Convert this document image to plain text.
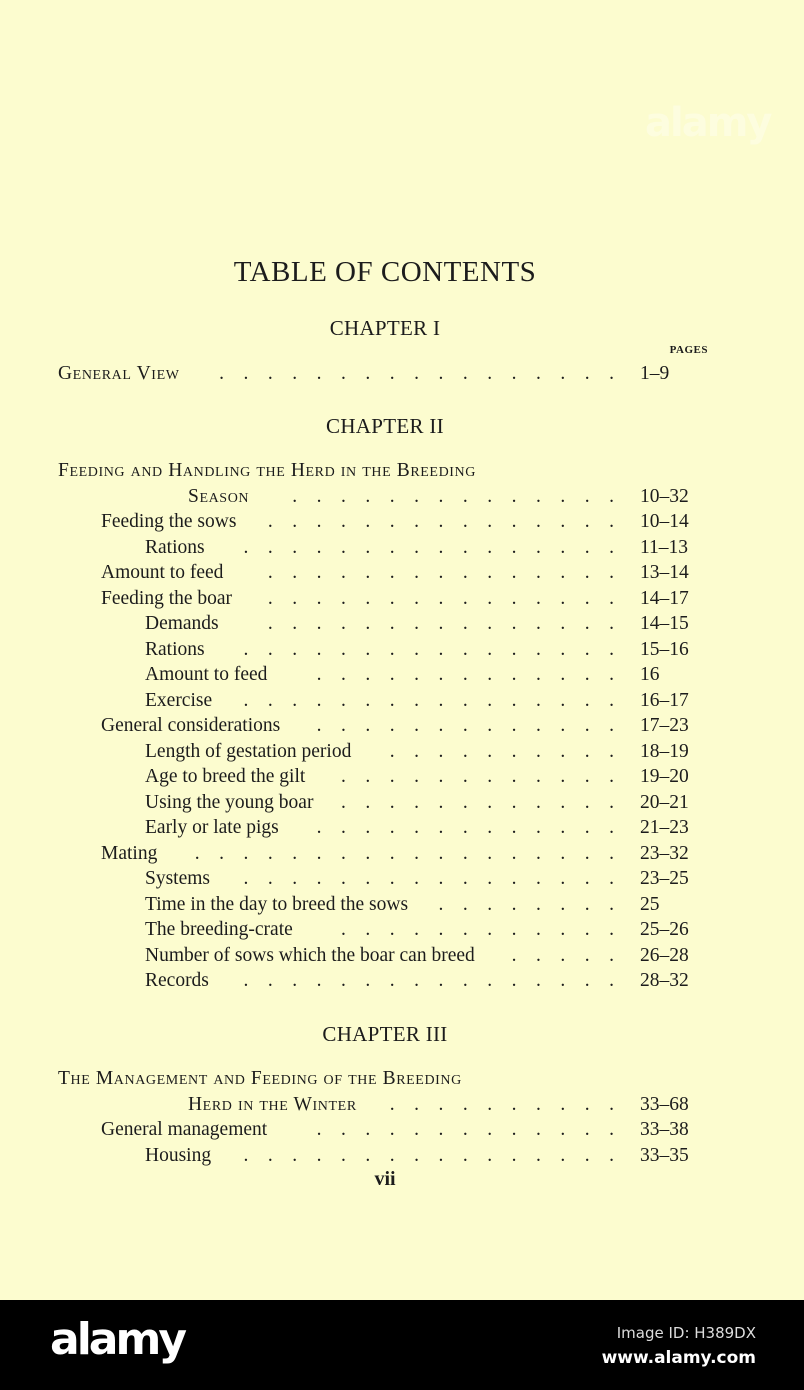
TABLE OF CONTENTS
PAGES
CHAPTER I
General View	.    .    .    .    .    .    .    .    .    .    .    .    .    .    .    .    . 1–9
CHAPTER II
Feeding and Handling the Herd in the Breeding
Season	.    .    .    .    .    .    .    .    .    .    .    .    .    . 10–32
Feeding the sows .    .    .    .    .    .    .    .    .    .    .    .    .    .    . 10–14
Rations .    .    .    .    .    .    .    .    .    .    .    .    .    .    .    . 11–13
Amount to feed	.    .    .    .    .    .    .    .    .    .    .    .    .    .    . 13–14
Feeding the boar .    .    .    .    .    .    .    .    .    .    .    .    .    .    . 14–17
Demands	.    .    .    .    .    .    .    .    .    .    .    .    .    .    . 14–15
Rations .    .    .    .    .    .    .    .    .    .    .    .    .    .    .    . 15–16
Amount to feed	.    .    .    .    .    .    .    .    .    .    .    .    . 16
Exercise .    .    .    .    .    .    .    .    .    .    .    .    .    .    .    . 16–17
General considerations .    .    .    .    .    .    .    .    .    .    .    .    . 17–23
Length of gestation period .    .    .    .    .    .    .    .    .    . 18–19
Age to breed the gilt .    .    .    .    .    .    .    .    .    .    .    . 19–20
Using the young boar .    .    .    .    .    .    .    .    .    .    .    . 20–21
Early or late pigs .    .    .    .    .    .    .    .    .    .    .    .    . 21–23
Mating .    .    .    .    .    .    .    .    .    .    .    .    .    .    .    .    .    . 23–32
Systems .    .    .    .    .    .    .    .    .    .    .    .    .    .    .    . 23–25
Time in the day to breed the sows .    .    .    .    .    .    .    . 25
The breeding-crate	.    .    .    .    .    .    .    .    .    .    .    . 25–26
Number of sows which the boar can breed .    .    .    .    . 26–28
Records .    .    .    .    .    .    .    .    .    .    .    .    .    .    .    . 28–32
CHAPTER III
The Management and Feeding of the Breeding
Herd in the Winter .    .    .    .    .    .    .    .    .    . 33–68
General management	.    .    .    .    .    .    .    .    .    .    .    .    . 33–38
Housing .    .    .    .    .    .    .    .    .    .    .    .    .    .    .    . 33–35
vii
alamy
alamy	Image ID: H389DX
www.alamy.com
